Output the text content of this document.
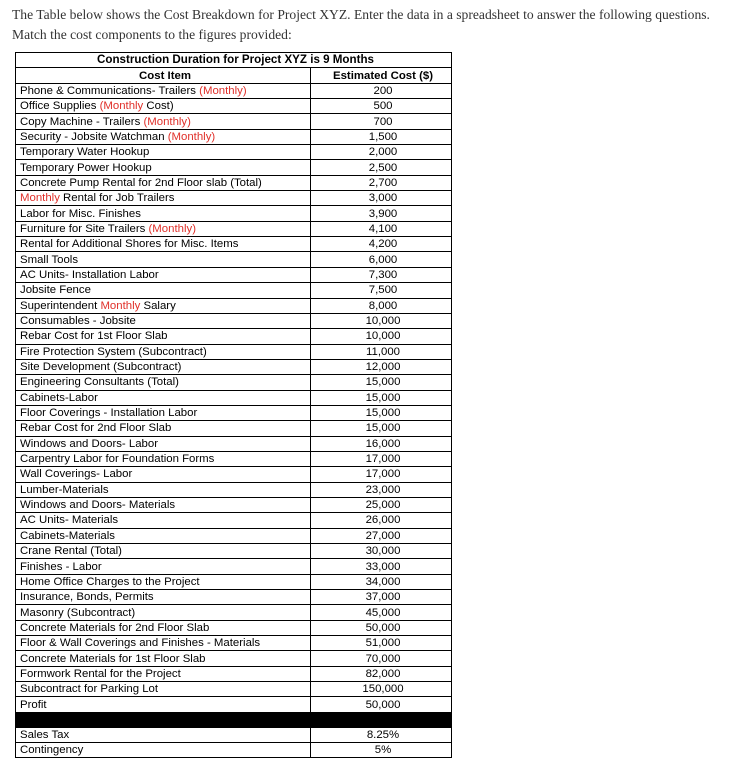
The Table below shows the Cost Breakdown for Project XYZ. Enter the data in a spreadsheet to answer the following questions.

Match the cost components to the figures provided:

Construction Duration for Project XYZ is 9 Months	
Cost Item	Estimated Cost ($)
Phone & Communications- Trailers (Monthly)	200
Office Supplies (Monthly Cost)	500
Copy Machine - Trailers (Monthly)	700
Security - Jobsite Watchman (Monthly)	1,500
Temporary Water Hookup	2,000
Temporary Power Hookup	2,500
Concrete Pump Rental for 2nd Floor slab (Total)	2,700
Monthly Rental for Job Trailers	3,000
Labor for Misc. Finishes	3,900
Furniture for Site Trailers (Monthly)	4,100
Rental for Additional Shores for Misc. Items	4,200
Small Tools	6,000
AC Units- Installation Labor	7,300
Jobsite Fence	7,500
Superintendent Monthly Salary	8,000
Consumables - Jobsite	10,000
Rebar Cost for 1st Floor Slab	10,000
Fire Protection System (Subcontract)	11,000
Site Development (Subcontract)	12,000
Engineering Consultants (Total)	15,000
Cabinets-Labor	15,000
Floor Coverings - Installation Labor	15,000
Rebar Cost for 2nd Floor Slab	15,000
Windows and Doors- Labor	16,000
Carpentry Labor for Foundation Forms	17,000
Wall Coverings- Labor	17,000
Lumber-Materials	23,000
Windows and Doors- Materials	25,000
AC Units- Materials	26,000
Cabinets-Materials	27,000
Crane Rental (Total)	30,000
Finishes - Labor	33,000
Home Office Charges to the Project	34,000
Insurance, Bonds, Permits	37,000
Masonry (Subcontract)	45,000
Concrete Materials for 2nd Floor Slab	50,000
Floor & Wall Coverings and Finishes - Materials	51,000
Concrete Materials for 1st Floor Slab	70,000
Formwork Rental for the Project	82,000
Subcontract for Parking Lot	150,000
Profit	50,000

Sales Tax	8.25%
Contingency	5%
